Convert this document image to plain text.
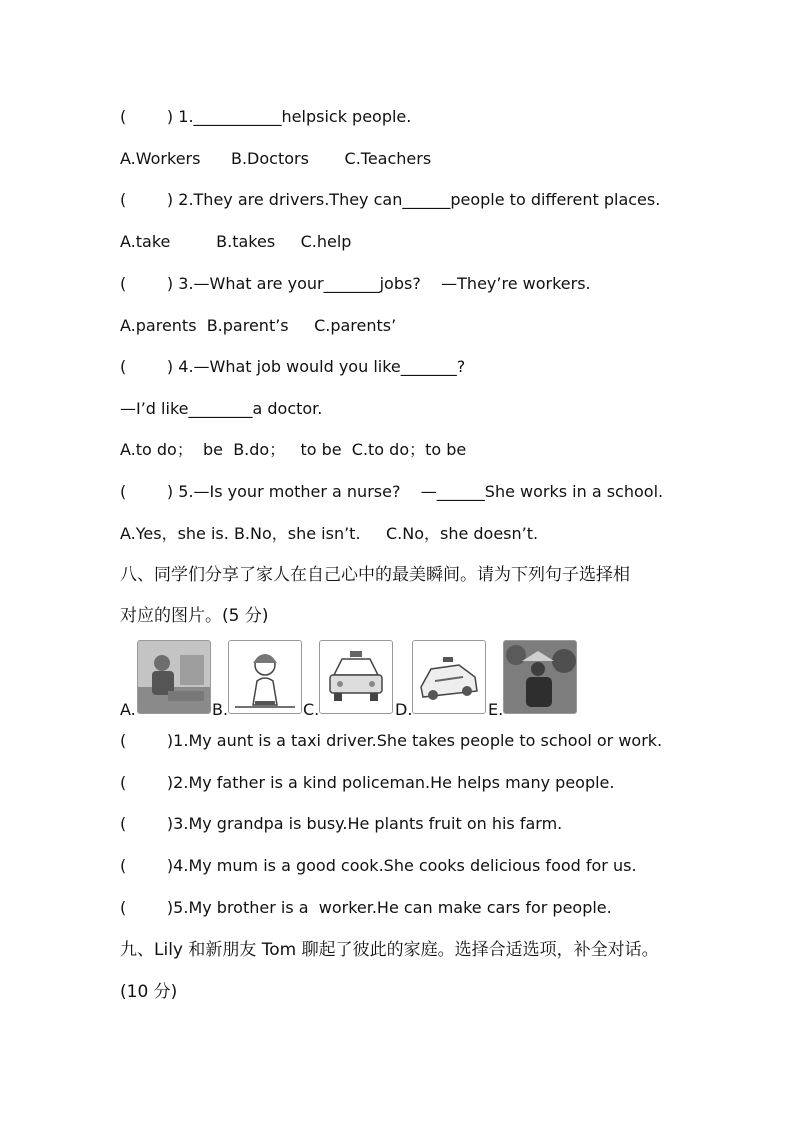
(        ) 1.___________helpsick people.
A.Workers      B.Doctors       C.Teachers
(        ) 2.They are drivers.They can______people to different places.
A.take         B.takes     C.help
(        ) 3.—What are your_______jobs?    —They’re workers.
A.parents  B.parent’s     C.parents’
(        ) 4.—What job would you like_______?
—I’d like________a doctor.
A.to do；  be  B.do；   to be  C.to do；to be
(        ) 5.—Is your mother a nurse?    —______She works in a school.
A.Yes，she is. B.No，she isn’t.     C.No，she doesn’t.
八、同学们分享了家人在自己心中的最美瞬间。请为下列句子选择相
对应的图片。(5 分)
A.	B.	C.	D.	E.
(        )1.My aunt is a taxi driver.She takes people to school or work.
(        )2.My father is a kind policeman.He helps many people.
(        )3.My grandpa is busy.He plants fruit on his farm.
(        )4.My mum is a good cook.She cooks delicious food for us.
(        )5.My brother is a  worker.He can make cars for people.
九、Lily 和新朋友 Tom 聊起了彼此的家庭。选择合适选项，补全对话。
(10 分)
